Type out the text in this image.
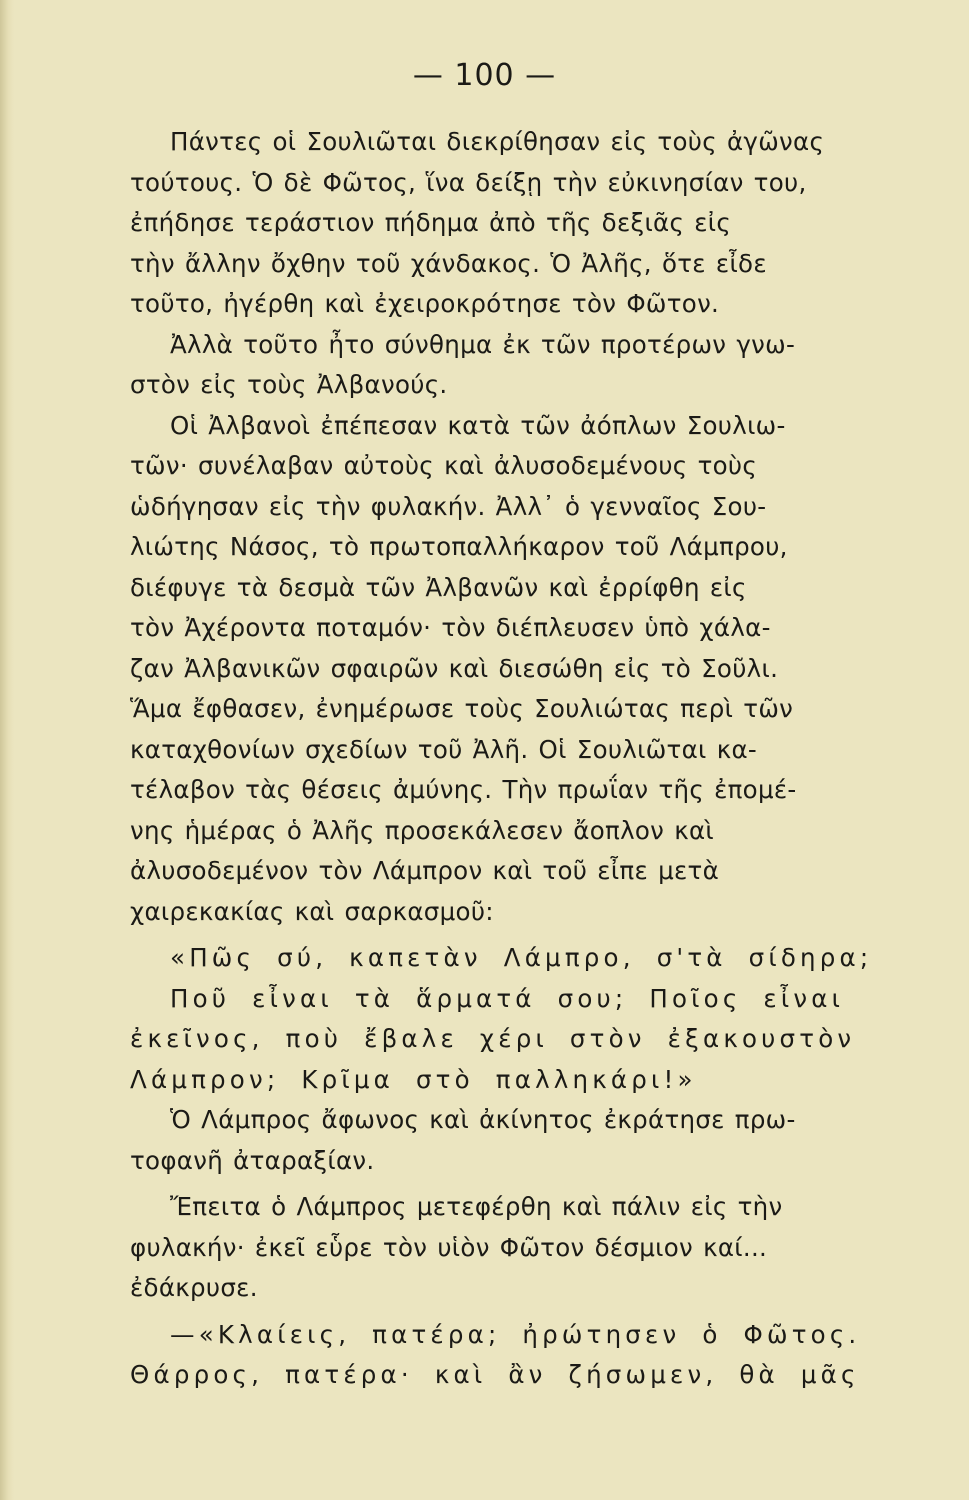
— 100 —
Πάντες οἱ Σουλιῶται διεκρίθησαν εἰς τοὺς ἀγῶνας
τούτους. Ὁ δὲ Φῶτος, ἵνα δείξῃ τὴν εὐκινησίαν του,
ἐπήδησε τεράστιον πήδημα ἀπὸ τῆς δεξιᾶς εἰς
τὴν ἄλλην ὄχθην τοῦ χάνδακος. Ὁ Ἀλῆς, ὅτε εἶδε
τοῦτο, ἠγέρθη καὶ ἐχειροκρότησε τὸν Φῶτον.
Ἀλλὰ τοῦτο ἦτο σύνθημα ἐκ τῶν προτέρων γνω-
στὸν εἰς τοὺς Ἀλβανούς.
Οἱ Ἀλβανοὶ ἐπέπεσαν κατὰ τῶν ἀόπλων Σουλιω-
τῶν· συνέλαβαν αὐτοὺς καὶ ἀλυσοδεμένους τοὺς
ὡδήγησαν εἰς τὴν φυλακήν. Ἀλλ᾿ ὁ γενναῖος Σου-
λιώτης Νάσος, τὸ πρωτοπαλλήκαρον τοῦ Λάμπρου,
διέφυγε τὰ δεσμὰ τῶν Ἀλβανῶν καὶ ἐρρίφθη εἰς
τὸν Ἀχέροντα ποταμόν· τὸν διέπλευσεν ὑπὸ χάλα-
ζαν Ἀλβανικῶν σφαιρῶν καὶ διεσώθη εἰς τὸ Σοῦλι.
Ἅμα ἔφθασεν, ἐνημέρωσε τοὺς Σουλιώτας περὶ τῶν
καταχθονίων σχεδίων τοῦ Ἀλῆ. Οἱ Σουλιῶται κα-
τέλαβον τὰς θέσεις ἀμύνης. Τὴν πρωΐαν τῆς ἐπομέ-
νης ἡμέρας ὁ Ἀλῆς προσεκάλεσεν ἄοπλον καὶ
ἀλυσοδεμένον τὸν Λάμπρον καὶ τοῦ εἶπε μετὰ
χαιρεκακίας καὶ σαρκασμοῦ:
«Πῶς σύ, καπετὰν Λάμπρο, σ'τὰ σίδηρα;
Ποῦ εἶναι τὰ ἅρματά σου; Ποῖος εἶναι
ἐκεῖνος, ποὺ ἔβαλε χέρι στὸν ἐξακουστὸν
Λάμπρον; Κρῖμα στὸ παλληκάρι!»
Ὁ Λάμπρος ἄφωνος καὶ ἀκίνητος ἐκράτησε πρω-
τοφανῆ ἀταραξίαν.
Ἔπειτα ὁ Λάμπρος μετεφέρθη καὶ πάλιν εἰς τὴν
φυλακήν· ἐκεῖ εὗρε τὸν υἱὸν Φῶτον δέσμιον καί...
ἐδάκρυσε.
—«Κλαίεις, πατέρα; ἠρώτησεν ὁ Φῶτος.
Θάρρος, πατέρα· καὶ ἂν ζήσωμεν, θὰ μᾶς
